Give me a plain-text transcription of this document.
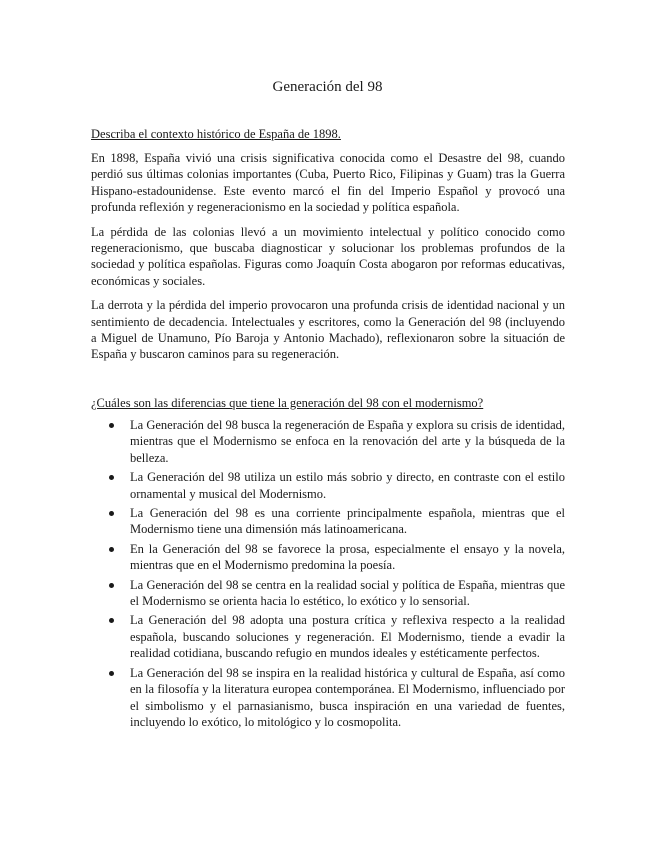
Generación del 98

Describa el contexto histórico de España de 1898.

En 1898, España vivió una crisis significativa conocida como el Desastre del 98, cuando perdió sus últimas colonias importantes (Cuba, Puerto Rico, Filipinas y Guam) tras la Guerra Hispano-estadounidense. Este evento marcó el fin del Imperio Español y provocó una profunda reflexión y regeneracionismo en la sociedad y política española.

La pérdida de las colonias llevó a un movimiento intelectual y político conocido como regeneracionismo, que buscaba diagnosticar y solucionar los problemas profundos de la sociedad y política españolas. Figuras como Joaquín Costa abogaron por reformas educativas, económicas y sociales.

La derrota y la pérdida del imperio provocaron una profunda crisis de identidad nacional y un sentimiento de decadencia. Intelectuales y escritores, como la Generación del 98 (incluyendo a Miguel de Unamuno, Pío Baroja y Antonio Machado), reflexionaron sobre la situación de España y buscaron caminos para su regeneración.

¿Cuáles son las diferencias que tiene la generación del 98 con el modernismo?

La Generación del 98 busca la regeneración de España y explora su crisis de identidad, mientras que el Modernismo se enfoca en la renovación del arte y la búsqueda de la belleza.
La Generación del 98 utiliza un estilo más sobrio y directo, en contraste con el estilo ornamental y musical del Modernismo.
La Generación del 98 es una corriente principalmente española, mientras que el Modernismo tiene una dimensión más latinoamericana.
En la Generación del 98 se favorece la prosa, especialmente el ensayo y la novela, mientras que en el Modernismo predomina la poesía.
La Generación del 98 se centra en la realidad social y política de España, mientras que el Modernismo se orienta hacia lo estético, lo exótico y lo sensorial.
La Generación del 98 adopta una postura crítica y reflexiva respecto a la realidad española, buscando soluciones y regeneración. El Modernismo, tiende a evadir la realidad cotidiana, buscando refugio en mundos ideales y estéticamente perfectos.
La Generación del 98 se inspira en la realidad histórica y cultural de España, así como en la filosofía y la literatura europea contemporánea. El Modernismo, influenciado por el simbolismo y el parnasianismo, busca inspiración en una variedad de fuentes, incluyendo lo exótico, lo mitológico y lo cosmopolita.
